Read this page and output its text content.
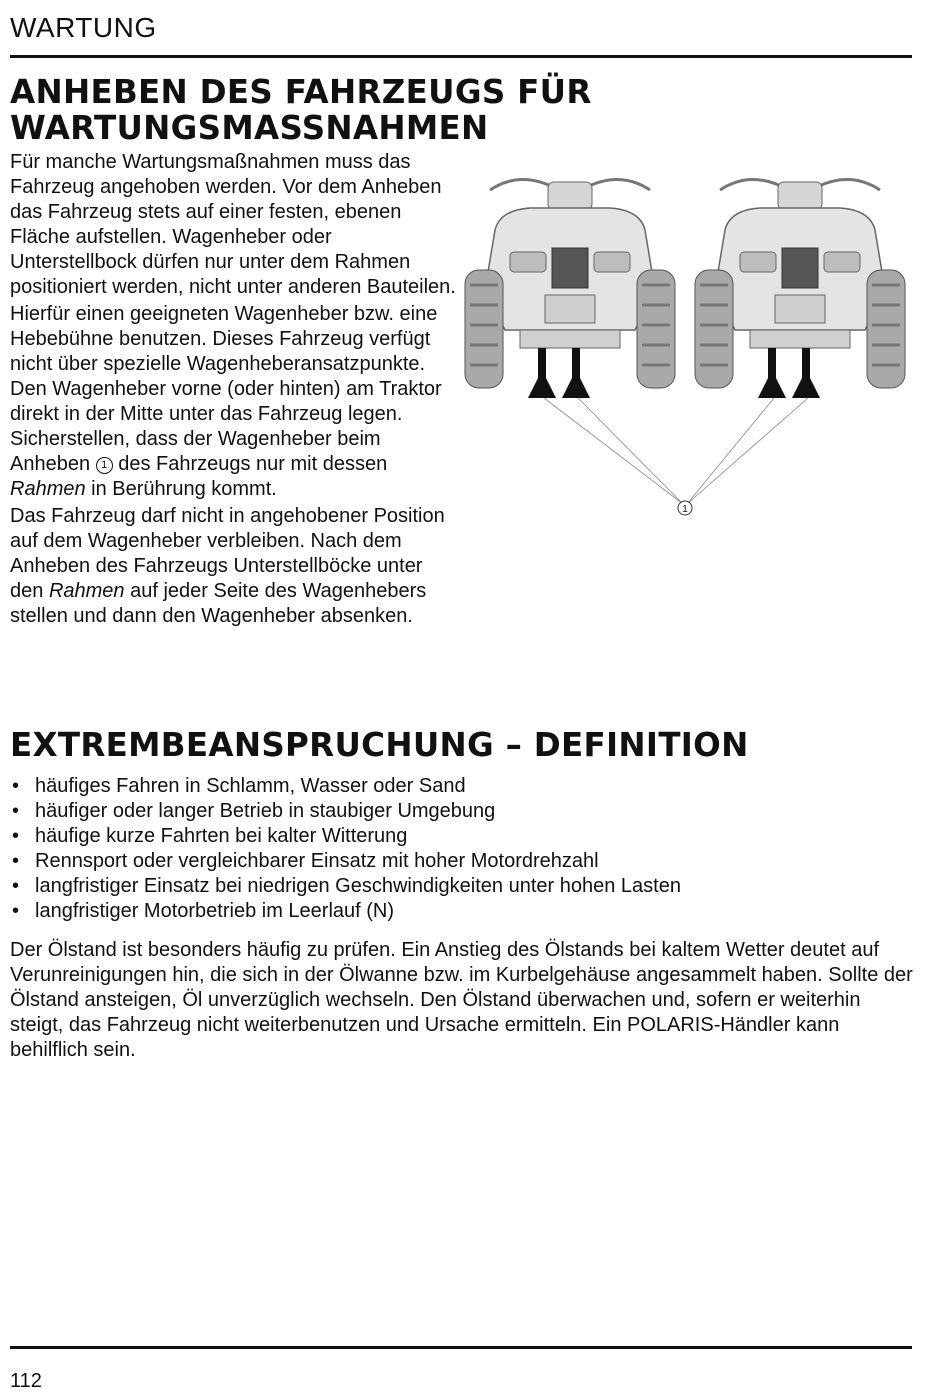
WARTUNG
ANHEBEN DES FAHRZEUGS FÜR WARTUNGSMASSNAHMEN

Für manche Wartungsmaßnahmen muss das Fahrzeug angehoben werden. Vor dem Anheben das Fahrzeug stets auf einer festen, ebenen Fläche aufstellen. Wagenheber oder Unterstellbock dürfen nur unter dem Rahmen positioniert werden, nicht unter anderen Bauteilen.

Hierfür einen geeigneten Wagenheber bzw. eine Hebebühne benutzen. Dieses Fahrzeug verfügt nicht über spezielle Wagenheberansatzpunkte. Den Wagenheber vorne (oder hinten) am Traktor direkt in der Mitte unter das Fahrzeug legen. Sicherstellen, dass der Wagenheber beim Anheben 1 des Fahrzeugs nur mit dessen Rahmen in Berührung kommt.

Das Fahrzeug darf nicht in angehobener Position auf dem Wagenheber verbleiben. Nach dem Anheben des Fahrzeugs Unterstellböcke unter den Rahmen auf jeder Seite des Wagenhebers stellen und dann den Wagenheber absenken.

1
EXTREMBEANSPRUCHUNG – DEFINITION
• häufiges Fahren in Schlamm, Wasser oder Sand
• häufiger oder langer Betrieb in staubiger Umgebung
• häufige kurze Fahrten bei kalter Witterung
• Rennsport oder vergleichbarer Einsatz mit hoher Motordrehzahl
• langfristiger Einsatz bei niedrigen Geschwindigkeiten unter hohen Lasten
• langfristiger Motorbetrieb im Leerlauf (N)

Der Ölstand ist besonders häufig zu prüfen. Ein Anstieg des Ölstands bei kaltem Wetter deutet auf Verunreinigungen hin, die sich in der Ölwanne bzw. im Kurbelgehäuse angesammelt haben. Sollte der Ölstand ansteigen, Öl unverzüglich wechseln. Den Ölstand überwachen und, sofern er weiterhin steigt, das Fahrzeug nicht weiterbenutzen und Ursache ermitteln. Ein POLARIS-Händler kann behilflich sein.

112
